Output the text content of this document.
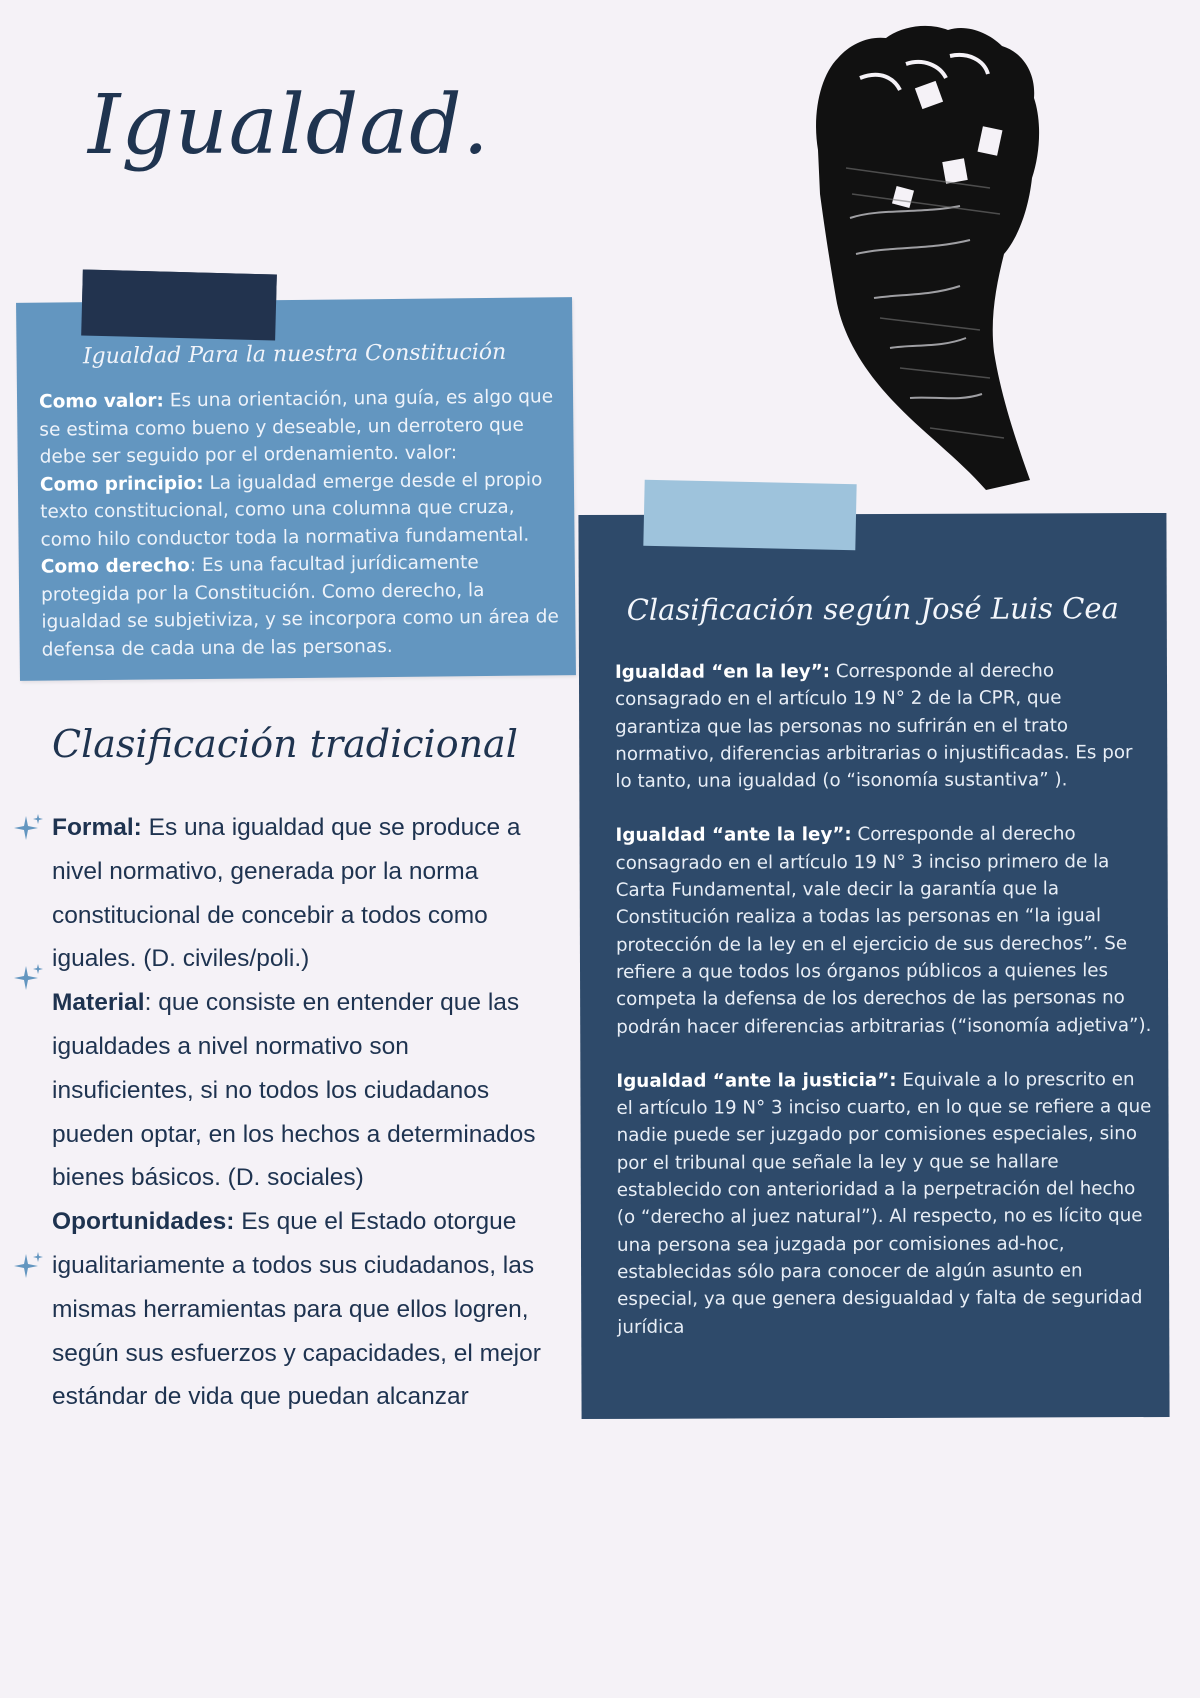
Igualdad.
Igualdad Para la nuestra Constitución
Como valor: Es una orientación, una guía, es algo que se estima como bueno y deseable, un derrotero que debe ser seguido por el ordenamiento. valor:
Como principio: La igualdad emerge desde el propio texto constitucional, como una columna que cruza, como hilo conductor toda la normativa fundamental.
Como derecho: Es una facultad jurídicamente protegida por la Constitución. Como derecho, la igualdad se subjetiviza, y se incorpora como un área de defensa de cada una de las personas.
Clasificación tradicional
Formal: Es una igualdad que se produce a nivel normativo, generada por la norma constitucional de concebir a todos como iguales. (D. civiles/poli.)
Material: que consiste en entender que las igualdades a nivel normativo son insuficientes, si no todos los ciudadanos pueden optar, en los hechos a determinados bienes básicos. (D. sociales)
Oportunidades: Es que el Estado otorgue igualitariamente a todos sus ciudadanos, las mismas herramientas para que ellos logren, según sus esfuerzos y capacidades, el mejor estándar de vida que puedan alcanzar
Clasificación según José Luis Cea
Igualdad “en la ley”: Corresponde al derecho consagrado en el artículo 19 N° 2 de la CPR, que garantiza que las personas no sufrirán en el trato normativo, diferencias arbitrarias o injustificadas. Es por lo tanto, una igualdad (o “isonomía sustantiva” ).
Igualdad “ante la ley”: Corresponde al derecho consagrado en el artículo 19 N° 3 inciso primero de la Carta Fundamental, vale decir la garantía que la Constitución realiza a todas las personas en “la igual protección de la ley en el ejercicio de sus derechos”. Se refiere a que todos los órganos públicos a quienes les competa la defensa de los derechos de las personas no podrán hacer diferencias arbitrarias (“isonomía adjetiva”).
Igualdad “ante la justicia”: Equivale a lo prescrito en el artículo 19 N° 3 inciso cuarto, en lo que se refiere a que nadie puede ser juzgado por comisiones especiales, sino por el tribunal que señale la ley y que se hallare establecido con anterioridad a la perpetración del hecho (o “derecho al juez natural”). Al respecto, no es lícito que una persona sea juzgada por comisiones ad-hoc, establecidas sólo para conocer de algún asunto en especial, ya que genera desigualdad y falta de seguridad jurídica
